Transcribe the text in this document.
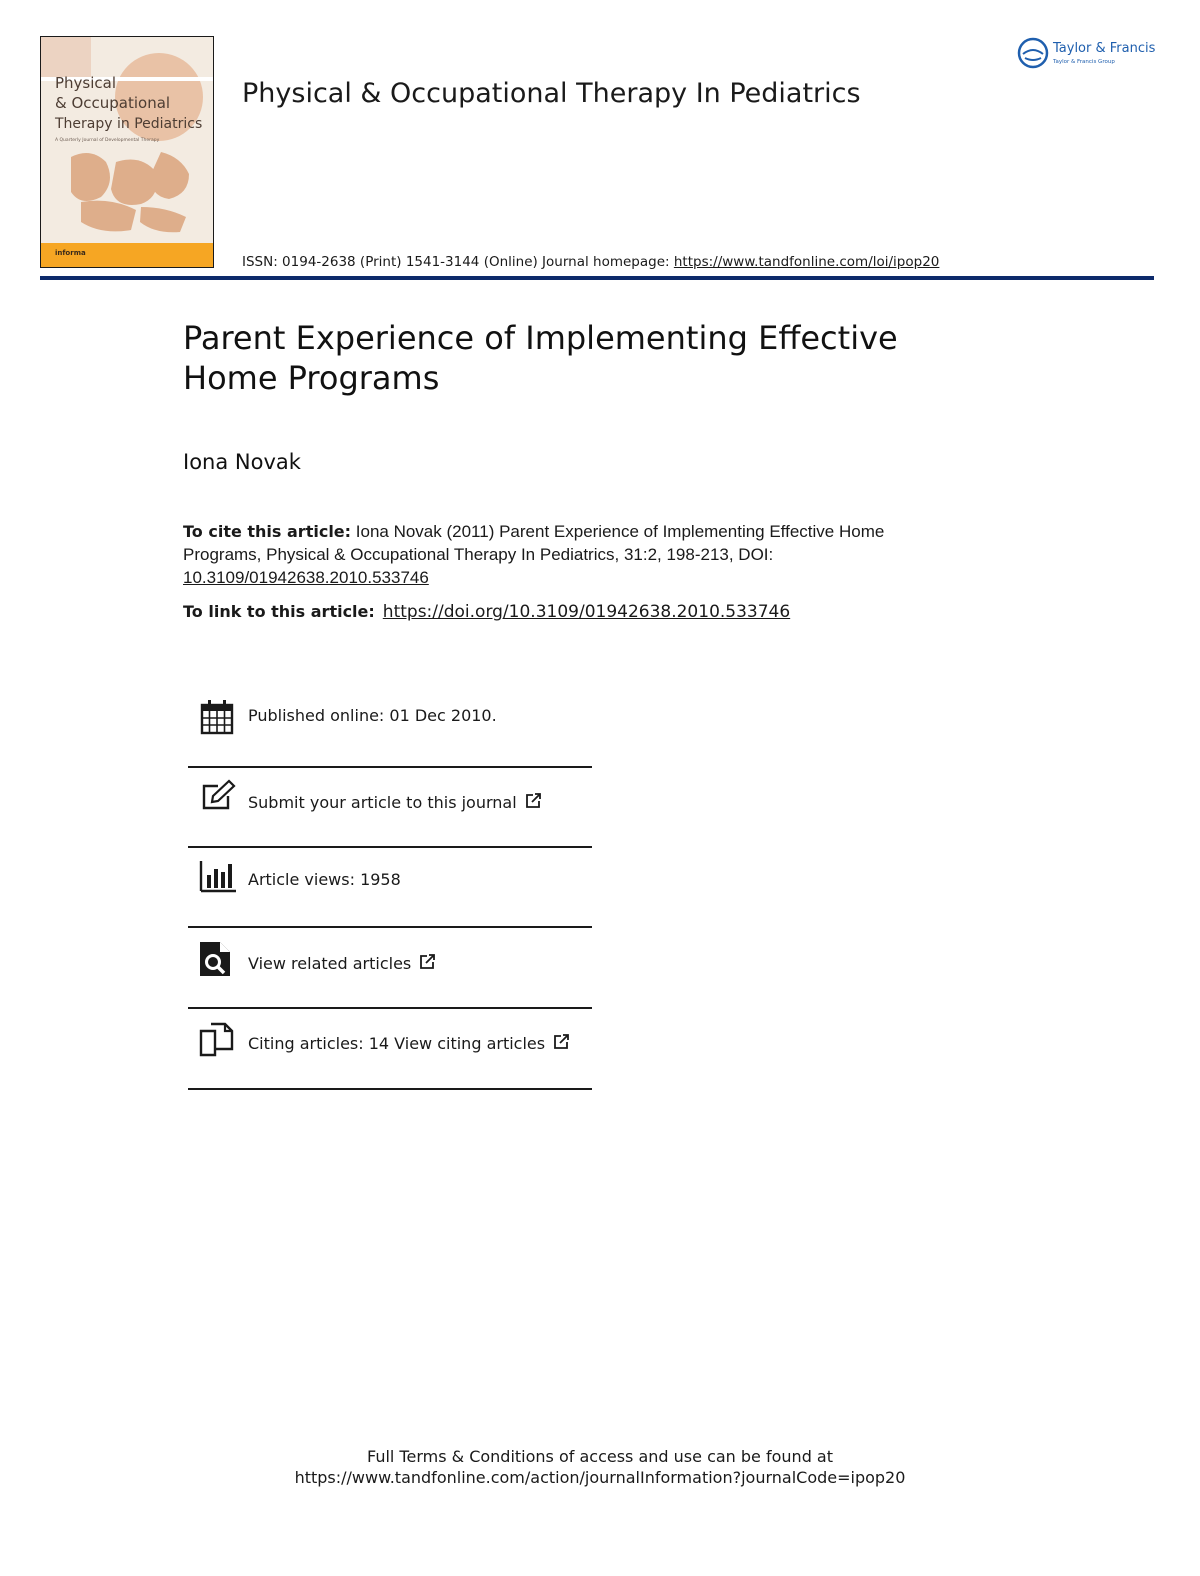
Physical
& Occupational
Therapy in Pediatrics
A Quarterly Journal of Developmental Therapy
informa
Physical & Occupational Therapy In Pediatrics
ISSN: 0194-2638 (Print) 1541-3144 (Online) Journal homepage: https://www.tandfonline.com/loi/ipop20
Taylor & Francis
Taylor & Francis Group
Parent Experience of Implementing Effective Home Programs
Iona Novak
To cite this article: Iona Novak (2011) Parent Experience of Implementing Effective Home Programs, Physical & Occupational Therapy In Pediatrics, 31:2, 198-213, DOI: 10.3109/01942638.2010.533746
To link to this article: https://doi.org/10.3109/01942638.2010.533746
Published online: 01 Dec 2010.
Submit your article to this journal
Article views: 1958
View related articles
Citing articles: 14 View citing articles
Full Terms & Conditions of access and use can be found at
https://www.tandfonline.com/action/journalInformation?journalCode=ipop20
